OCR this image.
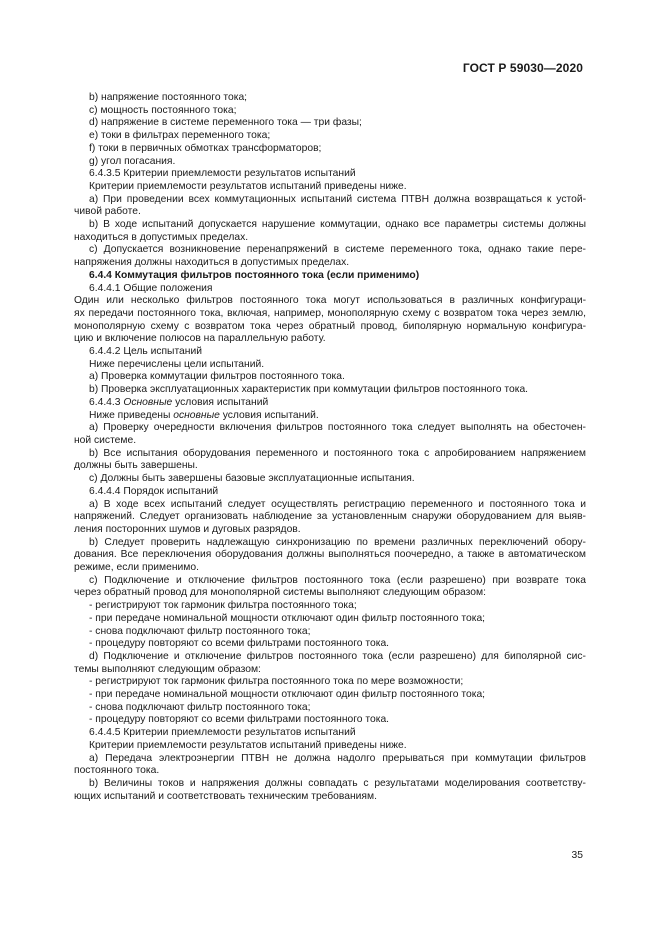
ГОСТ Р 59030—2020
b) напряжение постоянного тока;
c) мощность постоянного тока;
d) напряжение в системе переменного тока — три фазы;
e) токи в фильтрах переменного тока;
f) токи в первичных обмотках трансформаторов;
g) угол погасания.
6.4.3.5 Критерии приемлемости результатов испытаний
Критерии приемлемости результатов испытаний приведены ниже.
a) При проведении всех коммутационных испытаний система ПТВН должна возвращаться к устой-
чивой работе.
b) В ходе испытаний допускается нарушение коммутации, однако все параметры системы должны
находиться в допустимых пределах.
c) Допускается возникновение перенапряжений в системе переменного тока, однако такие пере-
напряжения должны находиться в допустимых пределах.
6.4.4 Коммутация фильтров постоянного тока (если применимо)
6.4.4.1 Общие положения
Один или несколько фильтров постоянного тока могут использоваться в различных конфигураци-
ях передачи постоянного тока, включая, например, монополярную схему с возвратом тока через землю,
монополярную схему с возвратом тока через обратный провод, биполярную нормальную конфигура-
цию и включение полюсов на параллельную работу.
6.4.4.2 Цель испытаний
Ниже перечислены цели испытаний.
a) Проверка коммутации фильтров постоянного тока.
b) Проверка эксплуатационных характеристик при коммутации фильтров постоянного тока.
6.4.4.3 Основные условия испытаний
Ниже приведены основные условия испытаний.
a) Проверку очередности включения фильтров постоянного тока следует выполнять на обесточен-
ной системе.
b) Все испытания оборудования переменного и постоянного тока с апробированием напряжением
должны быть завершены.
c) Должны быть завершены базовые эксплуатационные испытания.
6.4.4.4 Порядок испытаний
a) В ходе всех испытаний следует осуществлять регистрацию переменного и постоянного тока и
напряжений. Следует организовать наблюдение за установленным снаружи оборудованием для выяв-
ления посторонних шумов и дуговых разрядов.
b) Следует проверить надлежащую синхронизацию по времени различных переключений обору-
дования. Все переключения оборудования должны выполняться поочередно, а также в автоматическом
режиме, если применимо.
c) Подключение и отключение фильтров постоянного тока (если разрешено) при возврате тока
через обратный провод для монополярной системы выполняют следующим образом:
- регистрируют ток гармоник фильтра постоянного тока;
- при передаче номинальной мощности отключают один фильтр постоянного тока;
- снова подключают фильтр постоянного тока;
- процедуру повторяют со всеми фильтрами постоянного тока.
d) Подключение и отключение фильтров постоянного тока (если разрешено) для биполярной сис-
темы выполняют следующим образом:
- регистрируют ток гармоник фильтра постоянного тока по мере возможности;
- при передаче номинальной мощности отключают один фильтр постоянного тока;
- снова подключают фильтр постоянного тока;
- процедуру повторяют со всеми фильтрами постоянного тока.
6.4.4.5 Критерии приемлемости результатов испытаний
Критерии приемлемости результатов испытаний приведены ниже.
a) Передача электроэнергии ПТВН не должна надолго прерываться при коммутации фильтров
постоянного тока.
b) Величины токов и напряжения должны совпадать с результатами моделирования соответству-
ющих испытаний и соответствовать техническим требованиям.
35
